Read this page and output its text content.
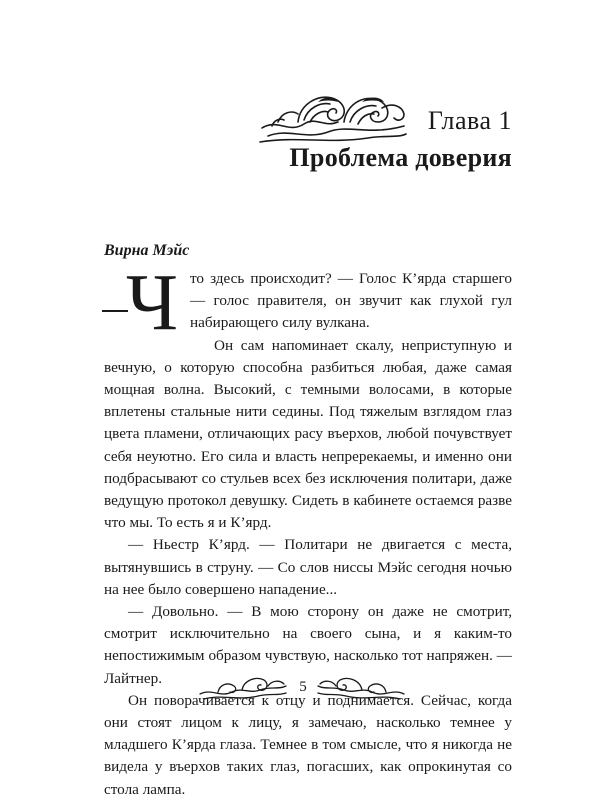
Глава 1
Проблема доверия
Вирна Мэйс

Ч то здесь происходит? — Голос К’ярда старшего — голос правителя, он звучит как глухой гул набирающего силу вулкана.

Он сам напоминает скалу, неприступную и вечную, о которую способна разбиться любая, даже самая мощная волна. Высокий, с темными волосами, в которые вплетены стальные нити седины. Под тяжелым взглядом глаз цвета пламени, отличающих расу въерхов, любой почувствует себя неуютно. Его сила и власть непререкаемы, и именно они подбрасывают со стульев всех без исключения политари, даже ведущую протокол девушку. Сидеть в кабинете остаемся разве что мы. То есть я и К’ярд.

— Ньестр К’ярд. — Политари не двигается с места, вытянувшись в струну. — Со слов ниссы Мэйс сегодня ночью на нее было совершено нападение...

— Довольно. — В мою сторону он даже не смотрит, смотрит исключительно на своего сына, и я каким-то непостижимым образом чувствую, насколько тот напряжен. — Лайтнер.

Он поворачивается к отцу и поднимается. Сейчас, когда они стоят лицом к лицу, я замечаю, насколько темнее у младшего К’ярда глаза. Темнее в том смысле, что я никогда не видела у въерхов таких глаз, погасших, как опрокинутая со стола лампа.

5
